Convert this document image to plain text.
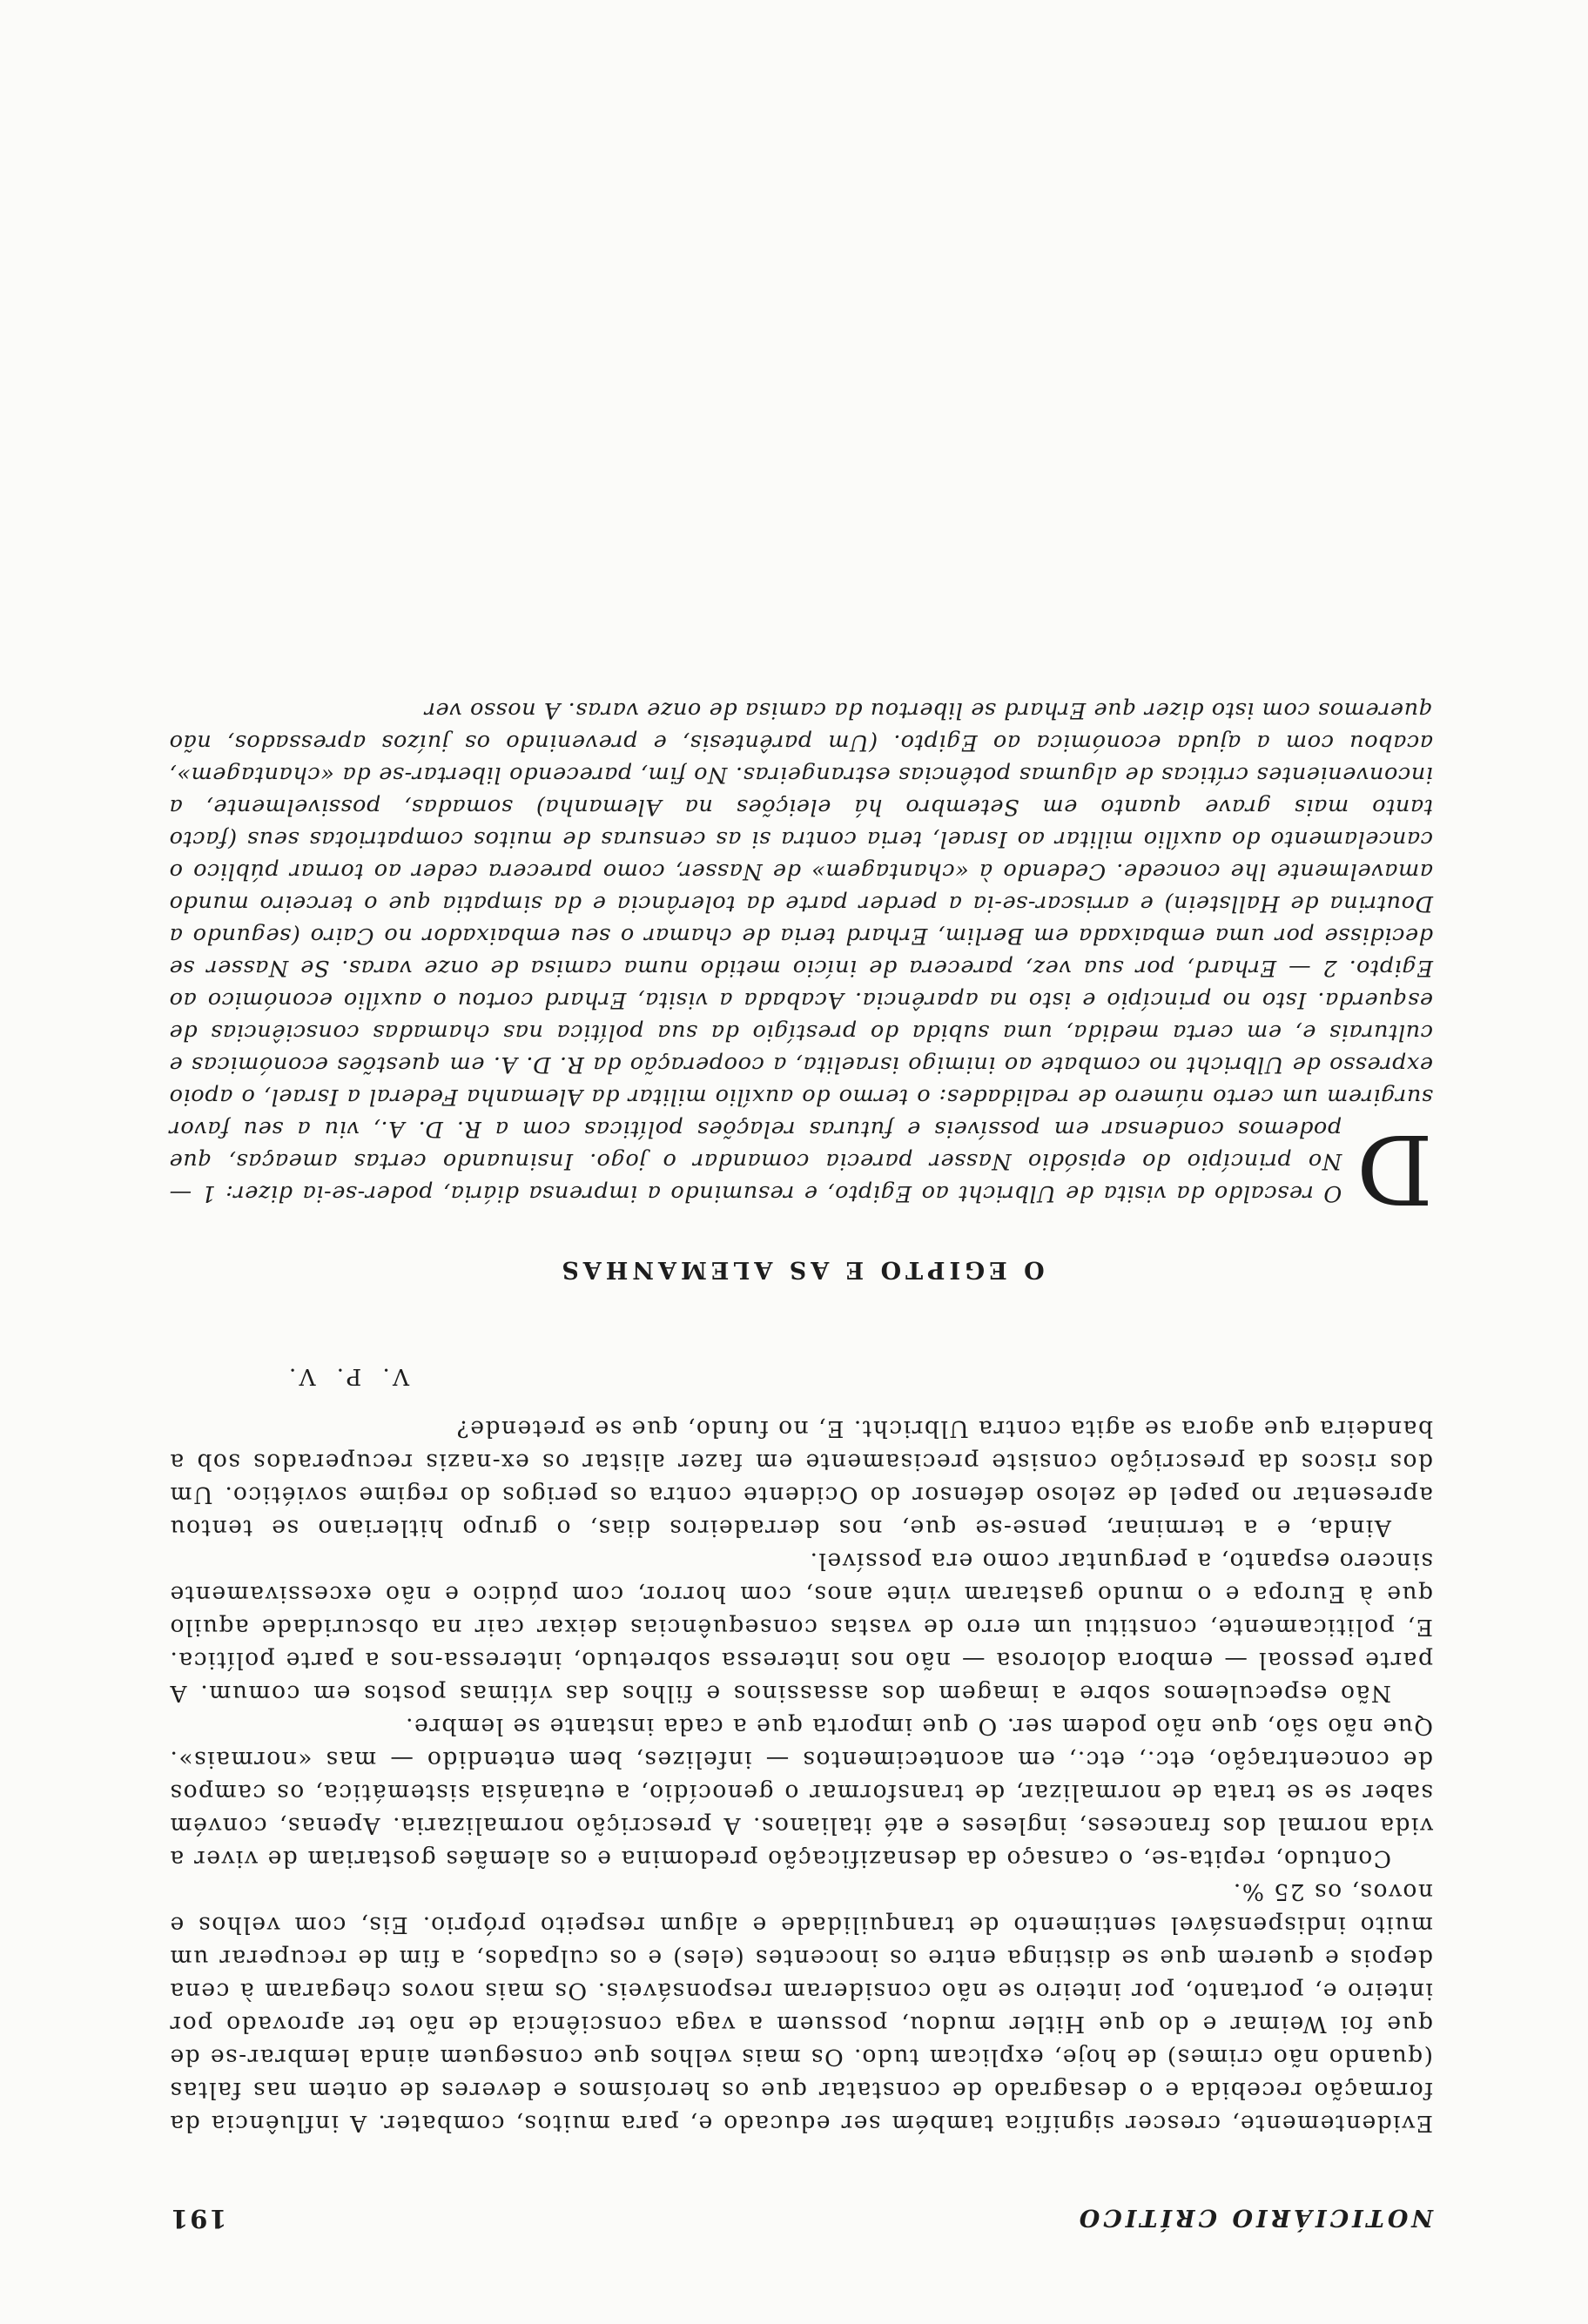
NOTICIÁRIO CRÍTICO
191

Evidentemente, crescer significa também ser educado e, para muitos, combater. A influência da formação recebida e o desagrado de constatar que os heroísmos e deveres de ontem nas faltas (quando não crimes) de hoje, explicam tudo. Os mais velhos que conseguem ainda lembrar-se de que foi Weimar e do que Hitler mudou, possuem a vaga consciência de não ter aprovado por inteiro e, portanto, por inteiro se não consideram responsáveis. Os mais novos chegaram à cena depois e querem que se distinga entre os inocentes (eles) e os culpados, a fim de recuperar um muito indispensável sentimento de tranquilidade e algum respeito próprio. Eis, com velhos e novos, os 25 %.

Contudo, repita-se, o cansaço da desnazificação predomina e os alemães gostariam de viver a vida normal dos franceses, ingleses e até italianos. A prescrição normalizaria. Apenas, convém saber se se trata de normalizar, de transformar o genocídio, a eutanásia sistemática, os campos de concentração, etc., etc., em acontecimentos — infelizes, bem entendido — mas «normais». Que não são, que não podem ser. O que importa que a cada instante se lembre.

Não especulemos sobre a imagem dos assassinos e filhos das vítimas postos em comum. A parte pessoal — embora dolorosa — não nos interessa sobretudo, interessa-nos a parte política. E, politicamente, constitui um erro de vastas consequências deixar cair na obscuridade aquilo que à Europa e o mundo gastaram vinte anos, com horror, com púdico e não excessivamente sincero espanto, a perguntar como era possível.

Ainda, e a terminar, pense-se que, nos derradeiros dias, o grupo hitleriano se tentou apresentar no papel de zeloso defensor do Ocidente contra os perigos do regime soviético. Um dos riscos da prescrição consiste precisamente em fazer alistar os ex-nazis recuperados sob a bandeira que agora se agita contra Ulbricht. E, no fundo, que se pretende?

V. P. V.
O EGIPTO E AS ALEMANHAS

D
O rescaldo da visita de Ulbricht ao Egipto, e resumindo a imprensa diária, poder-se-ia dizer: 1 — No princípio do episódio Nasser parecia comandar o jogo. Insinuando certas ameaças, que podemos condensar em possíveis e futuras relações políticas com a R. D. A., viu a seu favor surgirem um certo número de realidades: o termo do auxílio militar da Alemanha Federal a Israel, o apoio expresso de Ulbricht no combate ao inimigo israelita, a cooperação da R. D. A. em questões económicas e culturais e, em certa medida, uma subida do prestígio da sua política nas chamadas consciências de esquerda. Isto no princípio e isto na aparência. Acabada a visita, Erhard cortou o auxílio económico ao Egipto. 2 — Erhard, por sua vez, parecera de início metido numa camisa de onze varas. Se Nasser se decidisse por uma embaixada em Berlim, Erhard teria de chamar o seu embaixador no Cairo (segundo a Doutrina de Hallstein) e arriscar-se-ia a perder parte da tolerância e da simpatia que o terceiro mundo amavelmente lhe concede. Cedendo à «chantagem» de Nasser, como parecera ceder ao tornar público o cancelamento do auxílio militar ao Israel, teria contra si as censuras de muitos compatriotas seus (facto tanto mais grave quanto em Setembro há eleições na Alemanha) somadas, possivelmente, a inconvenientes críticas de algumas potências estrangeiras. No fim, parecendo libertar-se da «chantagem», acabou com a ajuda económica ao Egipto. (Um parêntesis, e prevenindo os juízos apressados, não queremos com isto dizer que Erhard se libertou da camisa de onze varas. A nosso ver
